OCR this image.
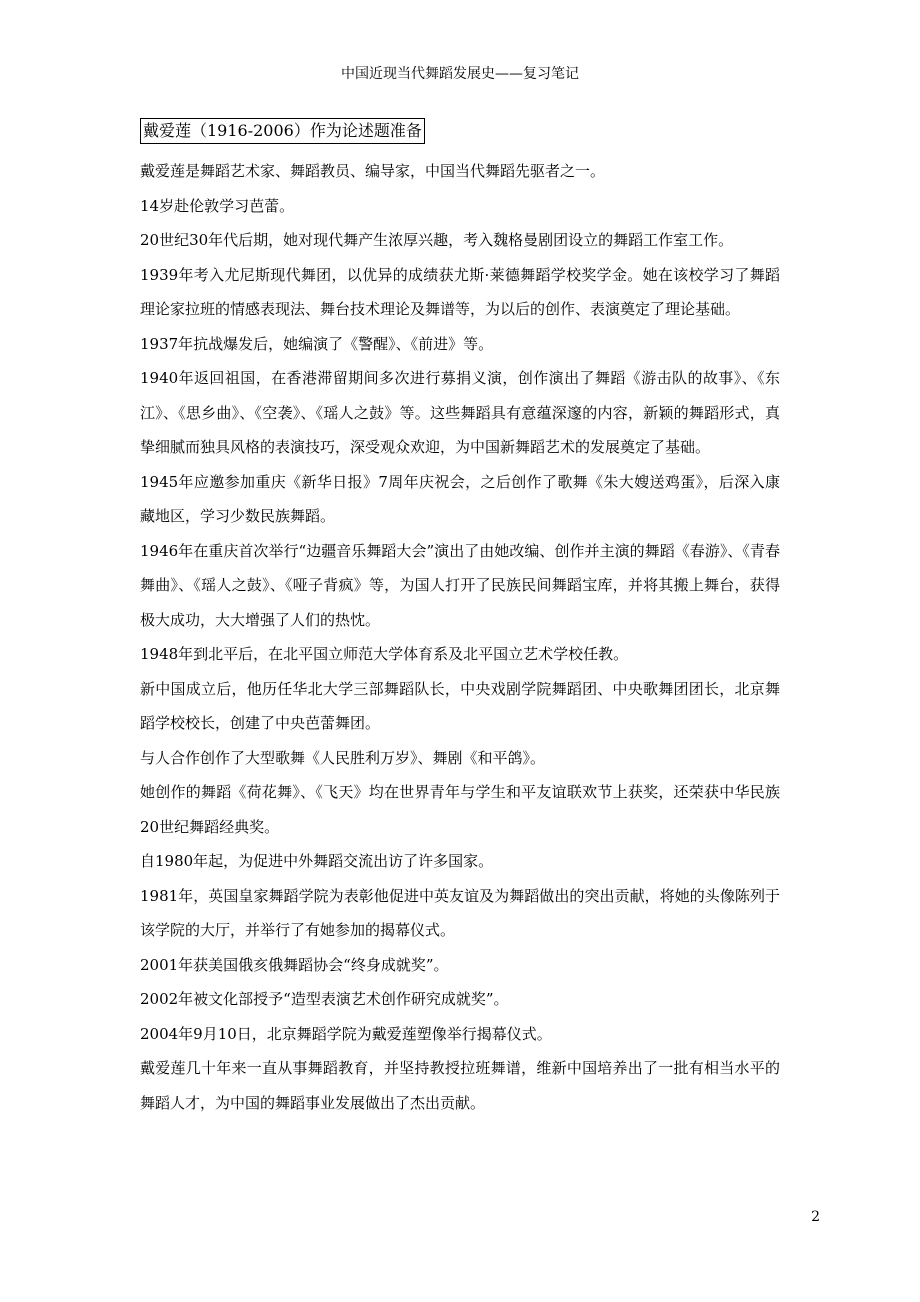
中国近现当代舞蹈发展史——复习笔记
戴爱莲（1916-2006）作为论述题准备

戴爱莲是舞蹈艺术家、舞蹈教员、编导家，中国当代舞蹈先驱者之一。

14岁赴伦敦学习芭蕾。

20世纪30年代后期，她对现代舞产生浓厚兴趣，考入魏格曼剧团设立的舞蹈工作室工作。

1939年考入尤尼斯现代舞团，以优异的成绩获尤斯·莱德舞蹈学校奖学金。她在该校学习了舞蹈理论家拉班的情感表现法、舞台技术理论及舞谱等，为以后的创作、表演奠定了理论基础。

1937年抗战爆发后，她编演了《警醒》、《前进》等。

1940年返回祖国，在香港滞留期间多次进行募捐义演，创作演出了舞蹈《游击队的故事》、《东江》、《思乡曲》、《空袭》、《瑶人之鼓》等。这些舞蹈具有意蕴深邃的内容，新颖的舞蹈形式，真挚细腻而独具风格的表演技巧，深受观众欢迎，为中国新舞蹈艺术的发展奠定了基础。

1945年应邀参加重庆《新华日报》7周年庆祝会，之后创作了歌舞《朱大嫂送鸡蛋》，后深入康藏地区，学习少数民族舞蹈。

1946年在重庆首次举行“边疆音乐舞蹈大会”演出了由她改编、创作并主演的舞蹈《春游》、《青春舞曲》、《瑶人之鼓》、《哑子背疯》等，为国人打开了民族民间舞蹈宝库，并将其搬上舞台，获得极大成功，大大增强了人们的热忱。

1948年到北平后，在北平国立师范大学体育系及北平国立艺术学校任教。

新中国成立后，他历任华北大学三部舞蹈队长，中央戏剧学院舞蹈团、中央歌舞团团长，北京舞蹈学校校长，创建了中央芭蕾舞团。

与人合作创作了大型歌舞《人民胜利万岁》、舞剧《和平鸽》。

她创作的舞蹈《荷花舞》、《飞天》均在世界青年与学生和平友谊联欢节上获奖，还荣获中华民族20世纪舞蹈经典奖。

自1980年起，为促进中外舞蹈交流出访了许多国家。

1981年，英国皇家舞蹈学院为表彰他促进中英友谊及为舞蹈做出的突出贡献，将她的头像陈列于该学院的大厅，并举行了有她参加的揭幕仪式。

2001年获美国俄亥俄舞蹈协会“终身成就奖”。

2002年被文化部授予“造型表演艺术创作研究成就奖”。

2004年9月10日，北京舞蹈学院为戴爱莲塑像举行揭幕仪式。

戴爱莲几十年来一直从事舞蹈教育，并坚持教授拉班舞谱，维新中国培养出了一批有相当水平的舞蹈人才，为中国的舞蹈事业发展做出了杰出贡献。

2
